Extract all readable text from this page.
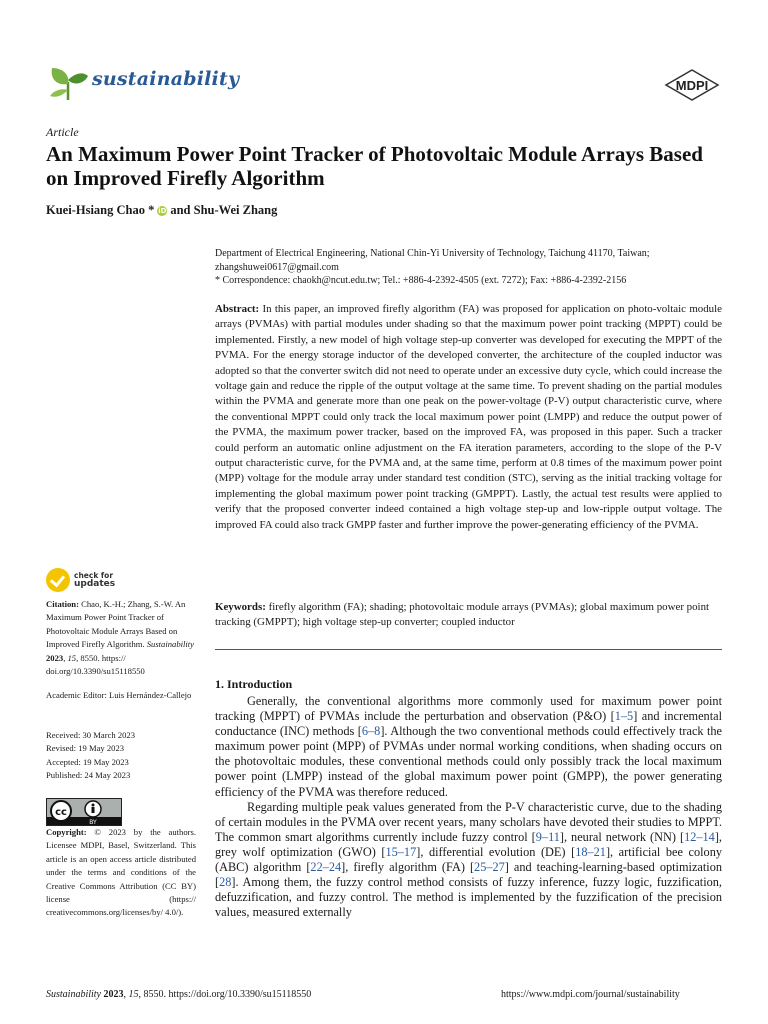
sustainability	MDPI
Article
An Maximum Power Point Tracker of Photovoltaic Module Arrays Based on Improved Firefly Algorithm
Kuei-Hsiang Chao * iD and Shu-Wei Zhang
Department of Electrical Engineering, National Chin-Yi University of Technology, Taichung 41170, Taiwan;
zhangshuwei0617@gmail.com
* Correspondence: chaokh@ncut.edu.tw; Tel.: +886-4-2392-4505 (ext. 7272); Fax: +886-4-2392-2156
Abstract: In this paper, an improved firefly algorithm (FA) was proposed for application on photo-voltaic module arrays (PVMAs) with partial modules under shading so that the maximum power point tracking (MPPT) could be implemented. Firstly, a new model of high voltage step-up converter was developed for executing the MPPT of the PVMA. For the energy storage inductor of the developed converter, the architecture of the coupled inductor was adopted so that the converter switch did not need to operate under an excessive duty cycle, which could increase the voltage gain and reduce the ripple of the output voltage at the same time. To prevent shading on the partial modules within the PVMA and generate more than one peak on the power-voltage (P-V) output characteristic curve, where the conventional MPPT could only track the local maximum power point (LMPP) and reduce the output power of the PVMA, the maximum power tracker, based on the improved FA, was proposed in this paper. Such a tracker could perform an automatic online adjustment on the FA iteration parameters, according to the slope of the P-V output characteristic curve, for the PVMA and, at the same time, perform at 0.8 times of the maximum power point (MPP) voltage for the module array under standard test condition (STC), serving as the initial tracking voltage for implementing the global maximum power point tracking (GMPPT). Lastly, the actual test results were applied to verify that the proposed converter indeed contained a high voltage step-up and low-ripple output voltage. The improved FA could also track GMPP faster and further improve the power-generating efficiency of the PVMA.
Keywords: firefly algorithm (FA); shading; photovoltaic module arrays (PVMAs); global maximum power point tracking (GMPPT); high voltage step-up converter; coupled inductor
1. Introduction

Generally, the conventional algorithms more commonly used for maximum power point tracking (MPPT) of PVMAs include the perturbation and observation (P&O) [1–5] and incremental conductance (INC) methods [6–8]. Although the two conventional methods could effectively track the maximum power point (MPP) of PVMAs under normal working conditions, when shading occurs on the photovoltaic modules, these conventional methods could only possibly track the local maximum power point (LMPP) instead of the global maximum power point (GMPP), the power generating efficiency of the PVMA was therefore reduced.

Regarding multiple peak values generated from the P-V characteristic curve, due to the shading of certain modules in the PVMA over recent years, many scholars have devoted their studies to MPPT. The common smart algorithms currently include fuzzy control [9–11], neural network (NN) [12–14], grey wolf optimization (GWO) [15–17], differential evolution (DE) [18–21], artificial bee colony (ABC) algorithm [22–24], firefly algorithm (FA) [25–27] and teaching-learning-based optimization [28]. Among them, the fuzzy control method consists of fuzzy inference, fuzzy logic, fuzzification, defuzzification, and fuzzy control. The method is implemented by the fuzzification of the precision values, measured externally

check for
updates
Citation: Chao, K.-H.; Zhang, S.-W. An Maximum Power Point Tracker of Photovoltaic Module Arrays Based on Improved Firefly Algorithm. Sustainability 2023, 15, 8550. https:// doi.org/10.3390/su15118550
Academic Editor: Luis Hernández-Callejo
Received: 30 March 2023
Revised: 19 May 2023
Accepted: 19 May 2023
Published: 24 May 2023
cc
BY
Copyright: © 2023 by the authors. Licensee MDPI, Basel, Switzerland. This article is an open access article distributed under the terms and conditions of the Creative Commons Attribution (CC BY) license (https:// creativecommons.org/licenses/by/ 4.0/).
Sustainability 2023, 15, 8550. https://doi.org/10.3390/su15118550	https://www.mdpi.com/journal/sustainability
